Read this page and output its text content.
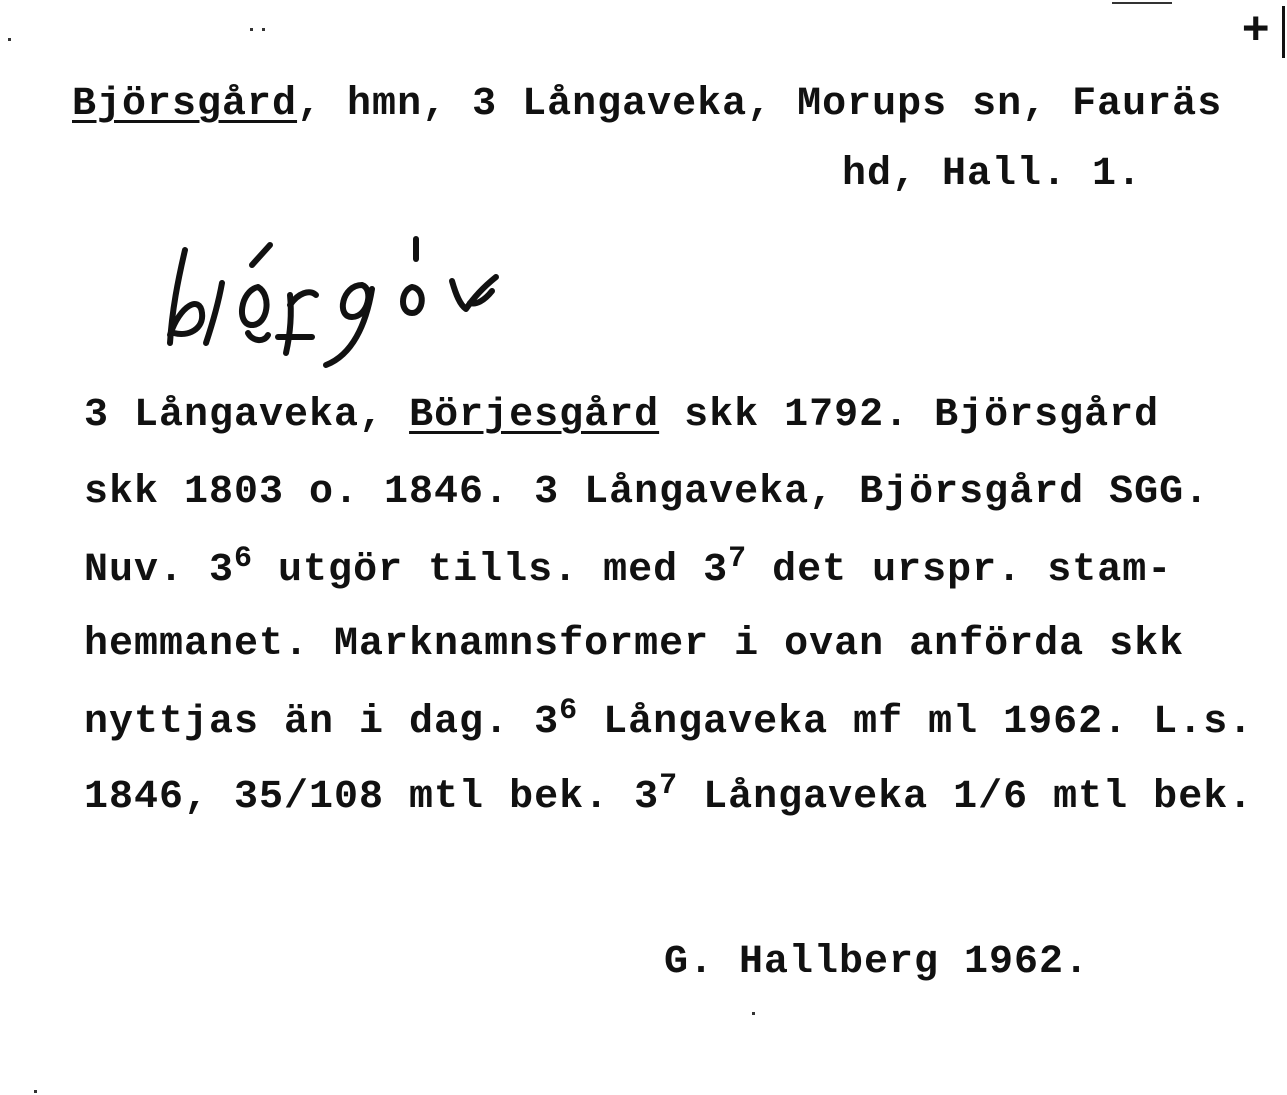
+
Björsgård, hmn, 3 Långaveka, Morups sn, Fauräs
hd, Hall. 1.
bjǫ́rgō̩r
3 Långaveka, Börjesgård skk 1792. Björsgård
skk 1803 o. 1846. 3 Långaveka, Björsgård SGG.
Nuv. $3^6$ utgör tills. med $3^7$ det urspr. stam-
hemmanet. Marknamnsformer i ovan anförda skk
nyttjas än i dag. $3^6$ Långaveka mf ml 1962. L.s.
1846, 35/108 mtl bek. $3^7$ Långaveka 1/6 mtl bek.
G. Hallberg 1962.
